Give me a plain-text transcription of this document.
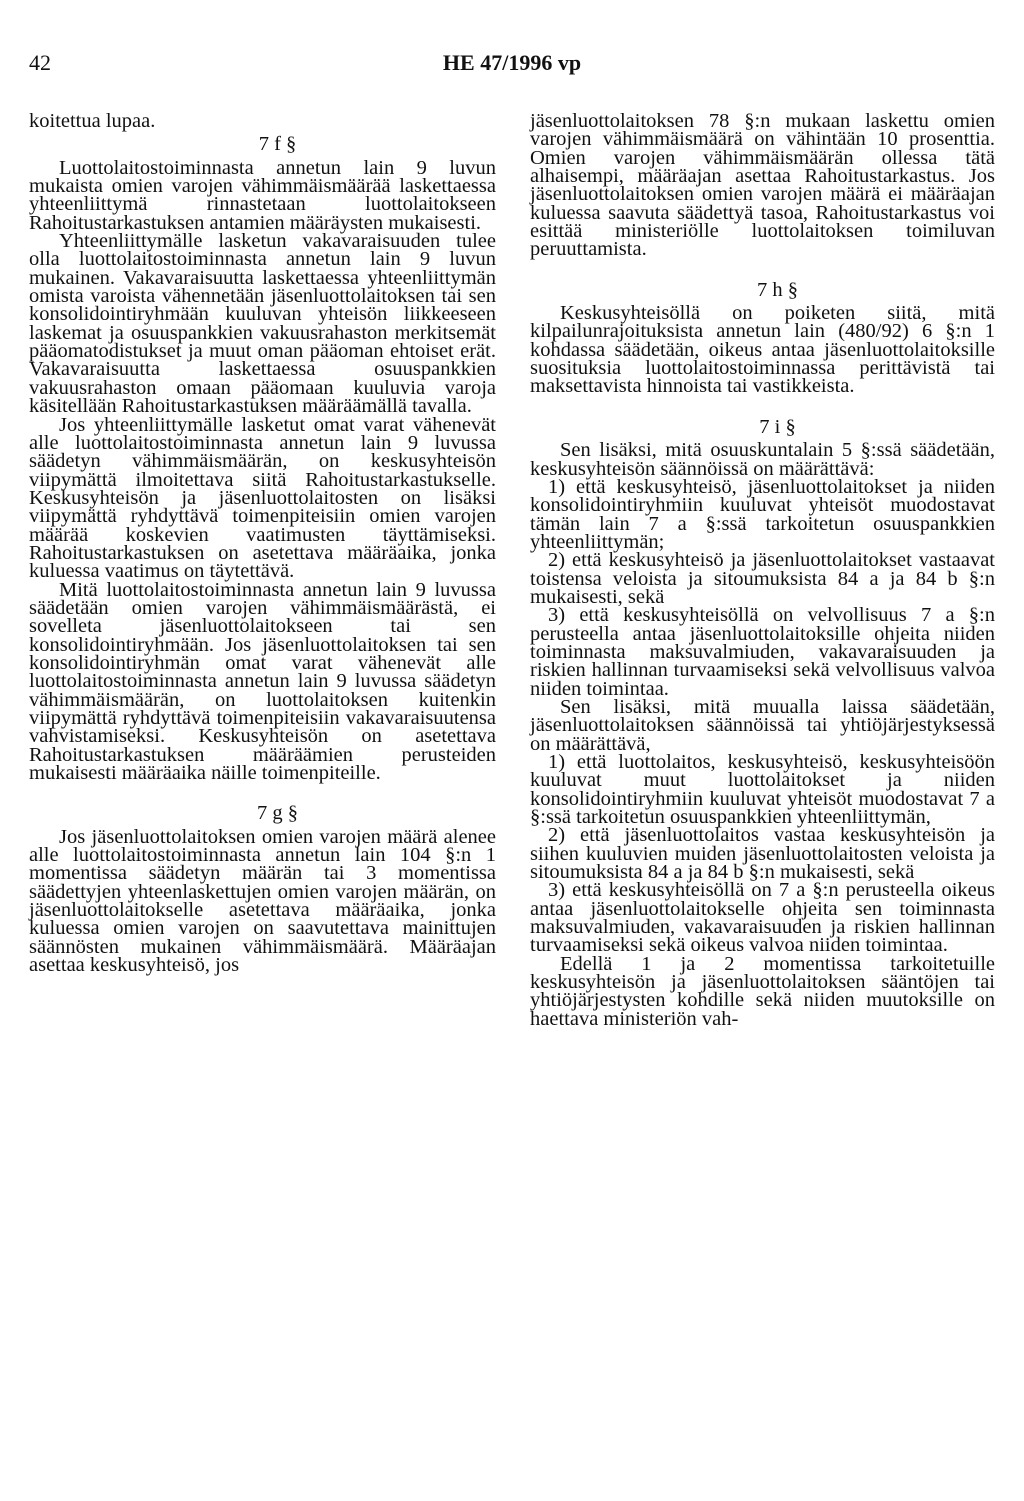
42	HE 47/1996 vp

koitettua lupaa.

7 f §

Luottolaitostoiminnasta annetun lain 9 luvun mukaista omien varojen vähimmäismäärää laskettaessa yhteenliittymä rinnastetaan luottolaitokseen Rahoitustarkastuksen antamien määräysten mukaisesti.

Yhteenliittymälle lasketun vakavaraisuuden tulee olla luottolaitostoiminnasta annetun lain 9 luvun mukainen. Vakavaraisuutta laskettaessa yhteenliittymän omista varoista vähennetään jäsenluottolaitoksen tai sen konsolidointiryhmään kuuluvan yhteisön liikkeeseen laskemat ja osuuspankkien vakuusrahaston merkitsemät pääomatodistukset ja muut oman pääoman ehtoiset erät. Vakavaraisuutta laskettaessa osuuspankkien vakuusrahaston omaan pääomaan kuuluvia varoja käsitellään Rahoitustarkastuksen määräämällä tavalla.

Jos yhteenliittymälle lasketut omat varat vähenevät alle luottolaitostoiminnasta annetun lain 9 luvussa säädetyn vähimmäismäärän, on keskusyhteisön viipymättä ilmoitettava siitä Rahoitustarkastukselle. Keskusyhteisön ja jäsenluottolaitosten on lisäksi viipymättä ryhdyttävä toimenpiteisiin omien varojen määrää koskevien vaatimusten täyttämiseksi. Rahoitustarkastuksen on asetettava määräaika, jonka kuluessa vaatimus on täytettävä.

Mitä luottolaitostoiminnasta annetun lain 9 luvussa säädetään omien varojen vähimmäismäärästä, ei sovelleta jäsenluottolaitokseen tai sen konsolidointiryhmään. Jos jäsenluottolaitoksen tai sen konsolidointiryhmän omat varat vähenevät alle luottolaitostoiminnasta annetun lain 9 luvussa säädetyn vähimmäismäärän, on luottolaitoksen kuitenkin viipymättä ryhdyttävä toimenpiteisiin vakavaraisuutensa vahvistamiseksi. Keskusyhteisön on asetettava Rahoitustarkastuksen määräämien perusteiden mukaisesti määräaika näille toimenpiteille.

7 g §

Jos jäsenluottolaitoksen omien varojen määrä alenee alle luottolaitostoiminnasta annetun lain 104 §:n 1 momentissa säädetyn määrän tai 3 momentissa säädettyjen yhteenlaskettujen omien varojen määrän, on jäsenluottolaitokselle asetettava määräaika, jonka kuluessa omien varojen on saavutettava mainittujen säännösten mukainen vähimmäismäärä. Määräajan asettaa keskusyhteisö, jos

jäsenluottolaitoksen 78 §:n mukaan laskettu omien varojen vähimmäismäärä on vähintään 10 prosenttia. Omien varojen vähimmäismäärän ollessa tätä alhaisempi, määräajan asettaa Rahoitustarkastus. Jos jäsenluottolaitoksen omien varojen määrä ei määräajan kuluessa saavuta säädettyä tasoa, Rahoitustarkastus voi esittää ministeriölle luottolaitoksen toimiluvan peruuttamista.

7 h §

Keskusyhteisöllä on poiketen siitä, mitä kilpailunrajoituksista annetun lain (480/92) 6 §:n 1 kohdassa säädetään, oikeus antaa jäsenluottolaitoksille suosituksia luottolaitostoiminnassa perittävistä tai maksettavista hinnoista tai vastikkeista.

7 i §

Sen lisäksi, mitä osuuskuntalain 5 §:ssä säädetään, keskusyhteisön säännöissä on määrättävä:

1) että keskusyhteisö, jäsenluottolaitokset ja niiden konsolidointiryhmiin kuuluvat yhteisöt muodostavat tämän lain 7 a §:ssä tarkoitetun osuuspankkien yhteenliittymän;

2) että keskusyhteisö ja jäsenluottolaitokset vastaavat toistensa veloista ja sitoumuksista 84 a ja 84 b §:n mukaisesti, sekä

3) että keskusyhteisöllä on velvollisuus 7 a §:n perusteella antaa jäsenluottolaitoksille ohjeita niiden toiminnasta maksuvalmiuden, vakavaraisuuden ja riskien hallinnan turvaamiseksi sekä velvollisuus valvoa niiden toimintaa.

Sen lisäksi, mitä muualla laissa säädetään, jäsenluottolaitoksen säännöissä tai yhtiöjärjestyksessä on määrättävä,

1) että luottolaitos, keskusyhteisö, keskusyhteisöön kuuluvat muut luottolaitokset ja niiden konsolidointiryhmiin kuuluvat yhteisöt muodostavat 7 a §:ssä tarkoitetun osuuspankkien yhteenliittymän,

2) että jäsenluottolaitos vastaa keskusyhteisön ja siihen kuuluvien muiden jäsenluottolaitosten veloista ja sitoumuksista 84 a ja 84 b §:n mukaisesti, sekä

3) että keskusyhteisöllä on 7 a §:n perusteella oikeus antaa jäsenluottolaitokselle ohjeita sen toiminnasta maksuvalmiuden, vakavaraisuuden ja riskien hallinnan turvaamiseksi sekä oikeus valvoa niiden toimintaa.

Edellä 1 ja 2 momentissa tarkoitetuille keskusyhteisön ja jäsenluottolaitoksen sääntöjen tai yhtiöjärjestysten kohdille sekä niiden muutoksille on haettava ministeriön vah-
